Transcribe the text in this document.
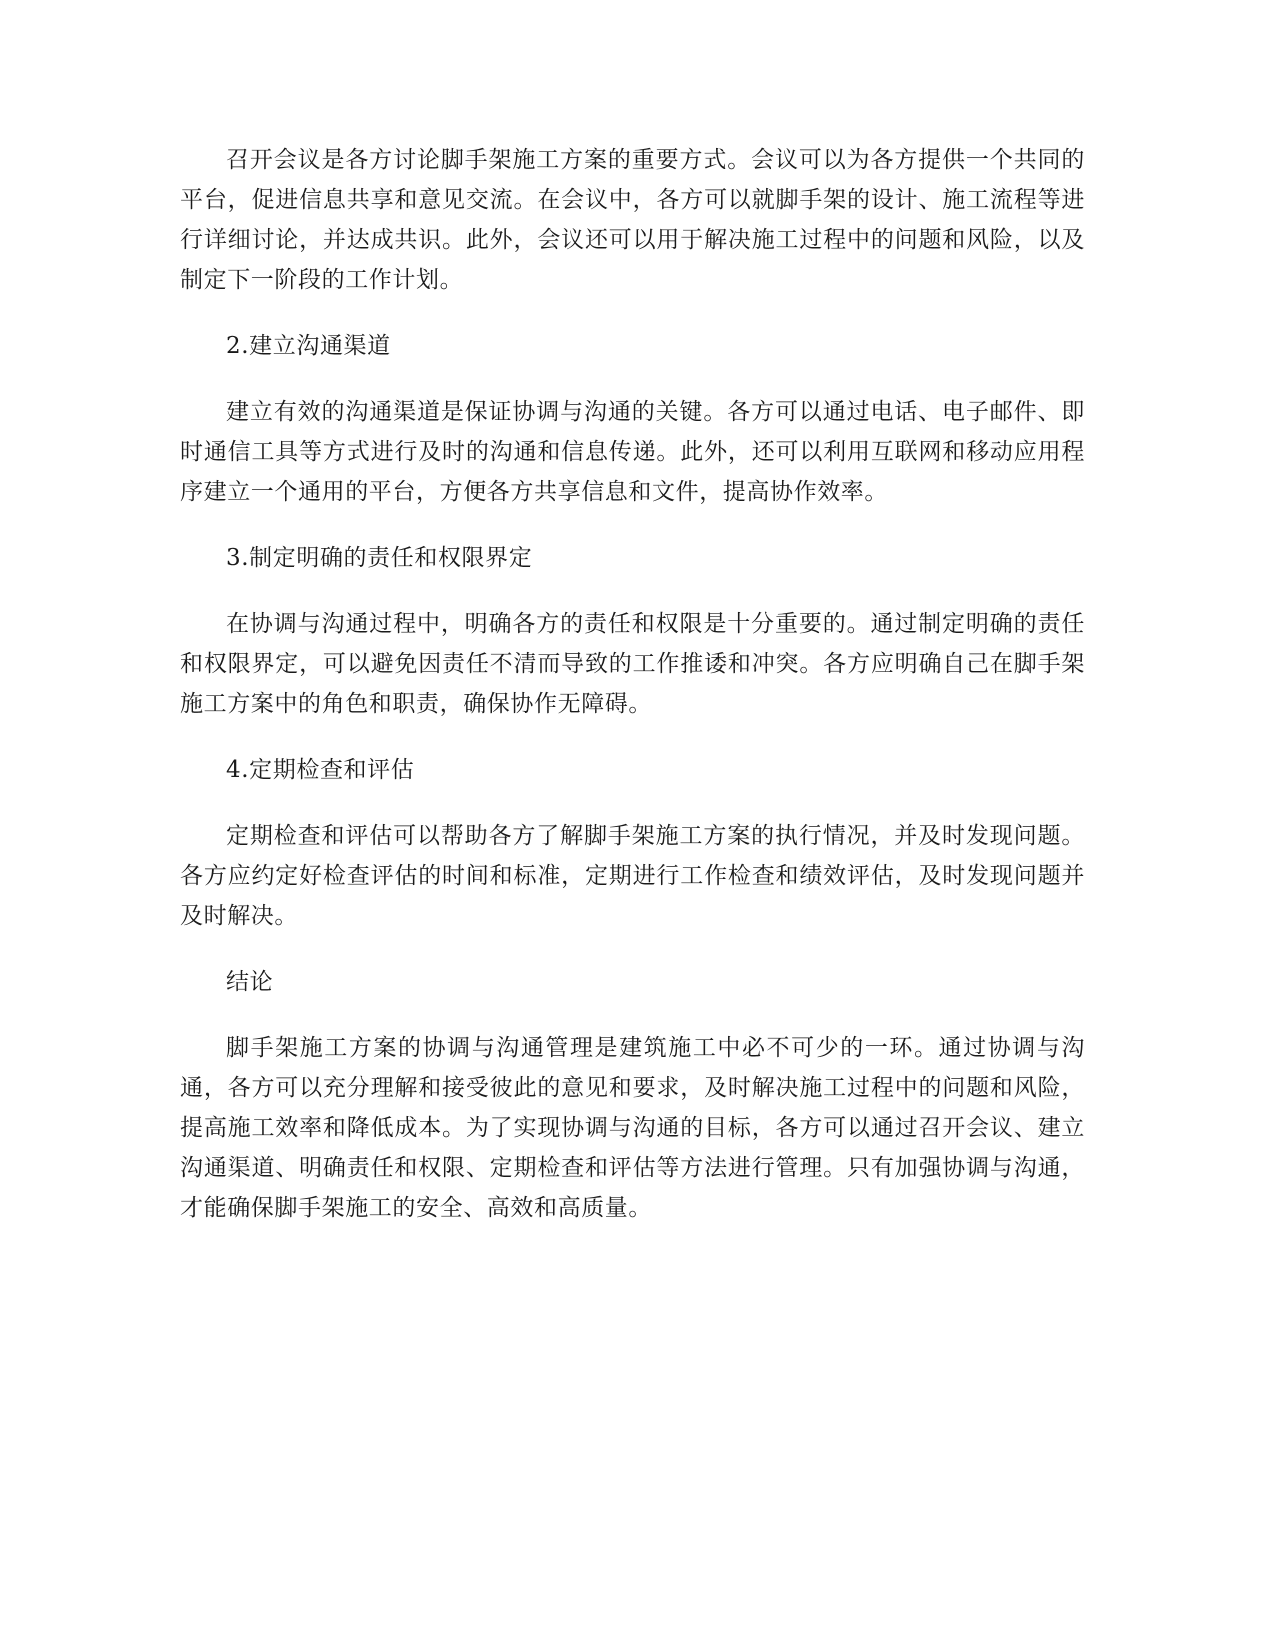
召开会议是各方讨论脚手架施工方案的重要方式。会议可以为各方提供一个共同的平台，促进信息共享和意见交流。在会议中，各方可以就脚手架的设计、施工流程等进行详细讨论，并达成共识。此外，会议还可以用于解决施工过程中的问题和风险，以及制定下一阶段的工作计划。

2.建立沟通渠道

建立有效的沟通渠道是保证协调与沟通的关键。各方可以通过电话、电子邮件、即时通信工具等方式进行及时的沟通和信息传递。此外，还可以利用互联网和移动应用程序建立一个通用的平台，方便各方共享信息和文件，提高协作效率。

3.制定明确的责任和权限界定

在协调与沟通过程中，明确各方的责任和权限是十分重要的。通过制定明确的责任和权限界定，可以避免因责任不清而导致的工作推诿和冲突。各方应明确自己在脚手架施工方案中的角色和职责，确保协作无障碍。

4.定期检查和评估

定期检查和评估可以帮助各方了解脚手架施工方案的执行情况，并及时发现问题。各方应约定好检查评估的时间和标准，定期进行工作检查和绩效评估，及时发现问题并及时解决。

结论

脚手架施工方案的协调与沟通管理是建筑施工中必不可少的一环。通过协调与沟通，各方可以充分理解和接受彼此的意见和要求，及时解决施工过程中的问题和风险，提高施工效率和降低成本。为了实现协调与沟通的目标，各方可以通过召开会议、建立沟通渠道、明确责任和权限、定期检查和评估等方法进行管理。只有加强协调与沟通，才能确保脚手架施工的安全、高效和高质量。
